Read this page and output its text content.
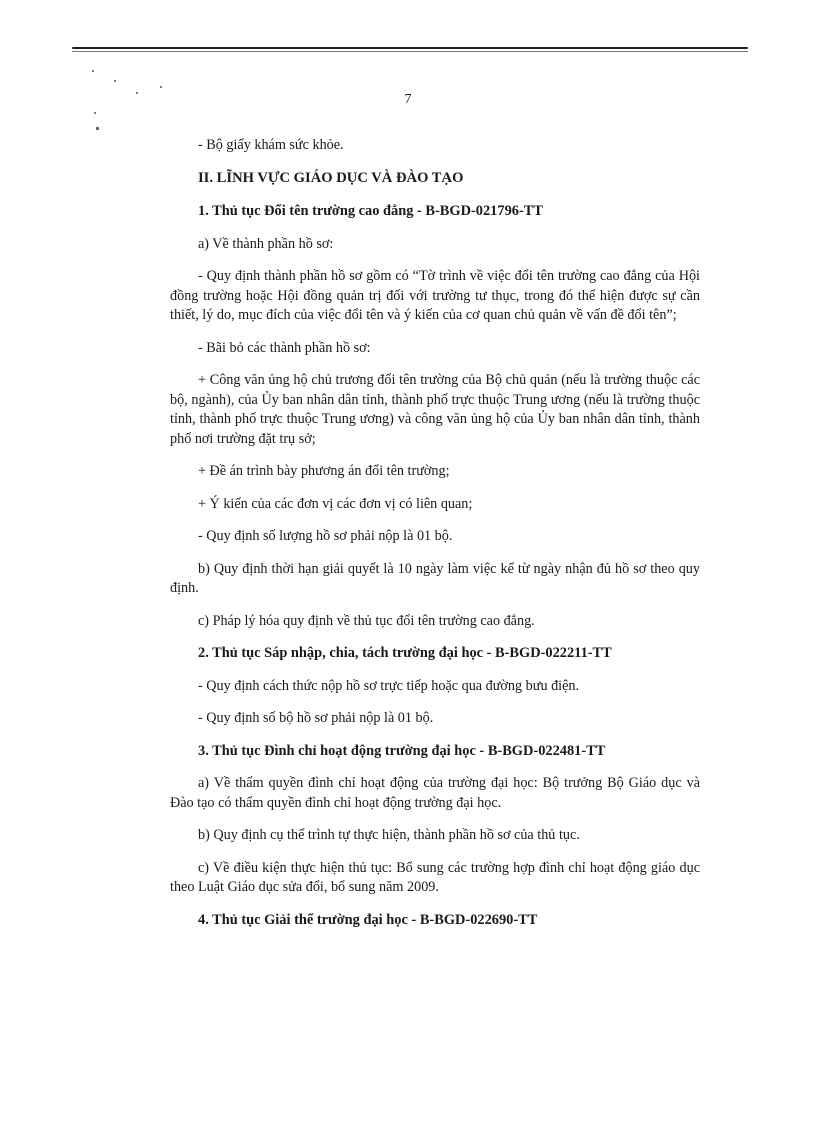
7

- Bộ giấy khám sức khỏe.

II. LĨNH VỰC GIÁO DỤC VÀ ĐÀO TẠO
1. Thủ tục Đổi tên trường cao đẳng - B-BGD-021796-TT

a) Về thành phần hồ sơ:

- Quy định thành phần hồ sơ gồm có “Tờ trình về việc đổi tên trường cao đẳng của Hội đồng trường hoặc Hội đồng quản trị đối với trường tư thục, trong đó thể hiện được sự cần thiết, lý do, mục đích của việc đổi tên và ý kiến của cơ quan chủ quản về vấn đề đổi tên”;

- Bãi bỏ các thành phần hồ sơ:

+ Công văn ủng hộ chủ trương đổi tên trường của Bộ chủ quản (nếu là trường thuộc các bộ, ngành), của Ủy ban nhân dân tỉnh, thành phố trực thuộc Trung ương (nếu là trường thuộc tỉnh, thành phố trực thuộc Trung ương) và công văn ủng hộ của Ủy ban nhân dân tỉnh, thành phố nơi trường đặt trụ sở;

+ Đề án trình bày phương án đổi tên trường;

+ Ý kiến của các đơn vị các đơn vị có liên quan;

- Quy định số lượng hồ sơ phải nộp là 01 bộ.

b) Quy định thời hạn giải quyết là 10 ngày làm việc kể từ ngày nhận đủ hồ sơ theo quy định.

c) Pháp lý hóa quy định về thủ tục đổi tên trường cao đẳng.

2. Thủ tục Sáp nhập, chia, tách trường đại học - B-BGD-022211-TT

- Quy định cách thức nộp hồ sơ trực tiếp hoặc qua đường bưu điện.

- Quy định số bộ hồ sơ phải nộp là 01 bộ.

3. Thủ tục Đình chỉ hoạt động trường đại học - B-BGD-022481-TT

a) Về thẩm quyền đình chỉ hoạt động của trường đại học: Bộ trưởng Bộ Giáo dục và Đào tạo có thẩm quyền đình chỉ hoạt động trường đại học.

b) Quy định cụ thể trình tự thực hiện, thành phần hồ sơ của thủ tục.

c) Về điều kiện thực hiện thủ tục: Bổ sung các trường hợp đình chỉ hoạt động giáo dục theo Luật Giáo dục sửa đổi, bổ sung năm 2009.

4. Thủ tục Giải thể trường đại học - B-BGD-022690-TT
